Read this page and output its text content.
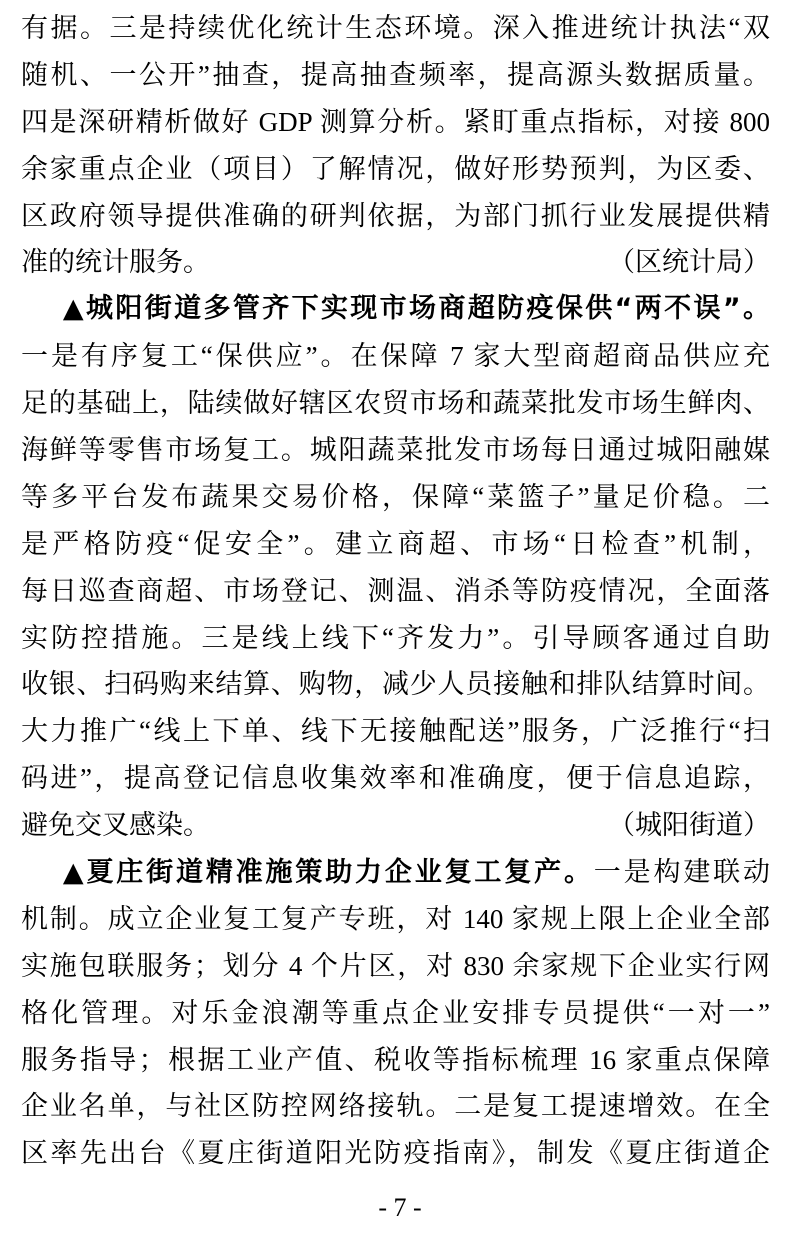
有据。三是持续优化统计生态环境。深入推进统计执法“双
随机、一公开”抽查，提高抽查频率，提高源头数据质量。
四是深研精析做好 GDP 测算分析。紧盯重点指标，对接 800
余家重点企业（项目）了解情况，做好形势预判，为区委、
区政府领导提供准确的研判依据，为部门抓行业发展提供精
准的统计服务。	（区统计局）
▲城阳街道多管齐下实现市场商超防疫保供“两不误”。
一是有序复工“保供应”。在保障 7 家大型商超商品供应充
足的基础上，陆续做好辖区农贸市场和蔬菜批发市场生鲜肉、
海鲜等零售市场复工。城阳蔬菜批发市场每日通过城阳融媒
等多平台发布蔬果交易价格，保障“菜篮子”量足价稳。二
是严格防疫“促安全”。建立商超、市场“日检查”机制，
每日巡查商超、市场登记、测温、消杀等防疫情况，全面落
实防控措施。三是线上线下“齐发力”。引导顾客通过自助
收银、扫码购来结算、购物，减少人员接触和排队结算时间。
大力推广“线上下单、线下无接触配送”服务，广泛推行“扫
码进”，提高登记信息收集效率和准确度，便于信息追踪，
避免交叉感染。	（城阳街道）
▲夏庄街道精准施策助力企业复工复产。一是构建联动
机制。成立企业复工复产专班，对 140 家规上限上企业全部
实施包联服务；划分 4 个片区，对 830 余家规下企业实行网
格化管理。对乐金浪潮等重点企业安排专员提供“一对一”
服务指导；根据工业产值、税收等指标梳理 16 家重点保障
企业名单，与社区防控网络接轨。二是复工提速增效。在全
区率先出台《夏庄街道阳光防疫指南》，制发《夏庄街道企
- 7 -
